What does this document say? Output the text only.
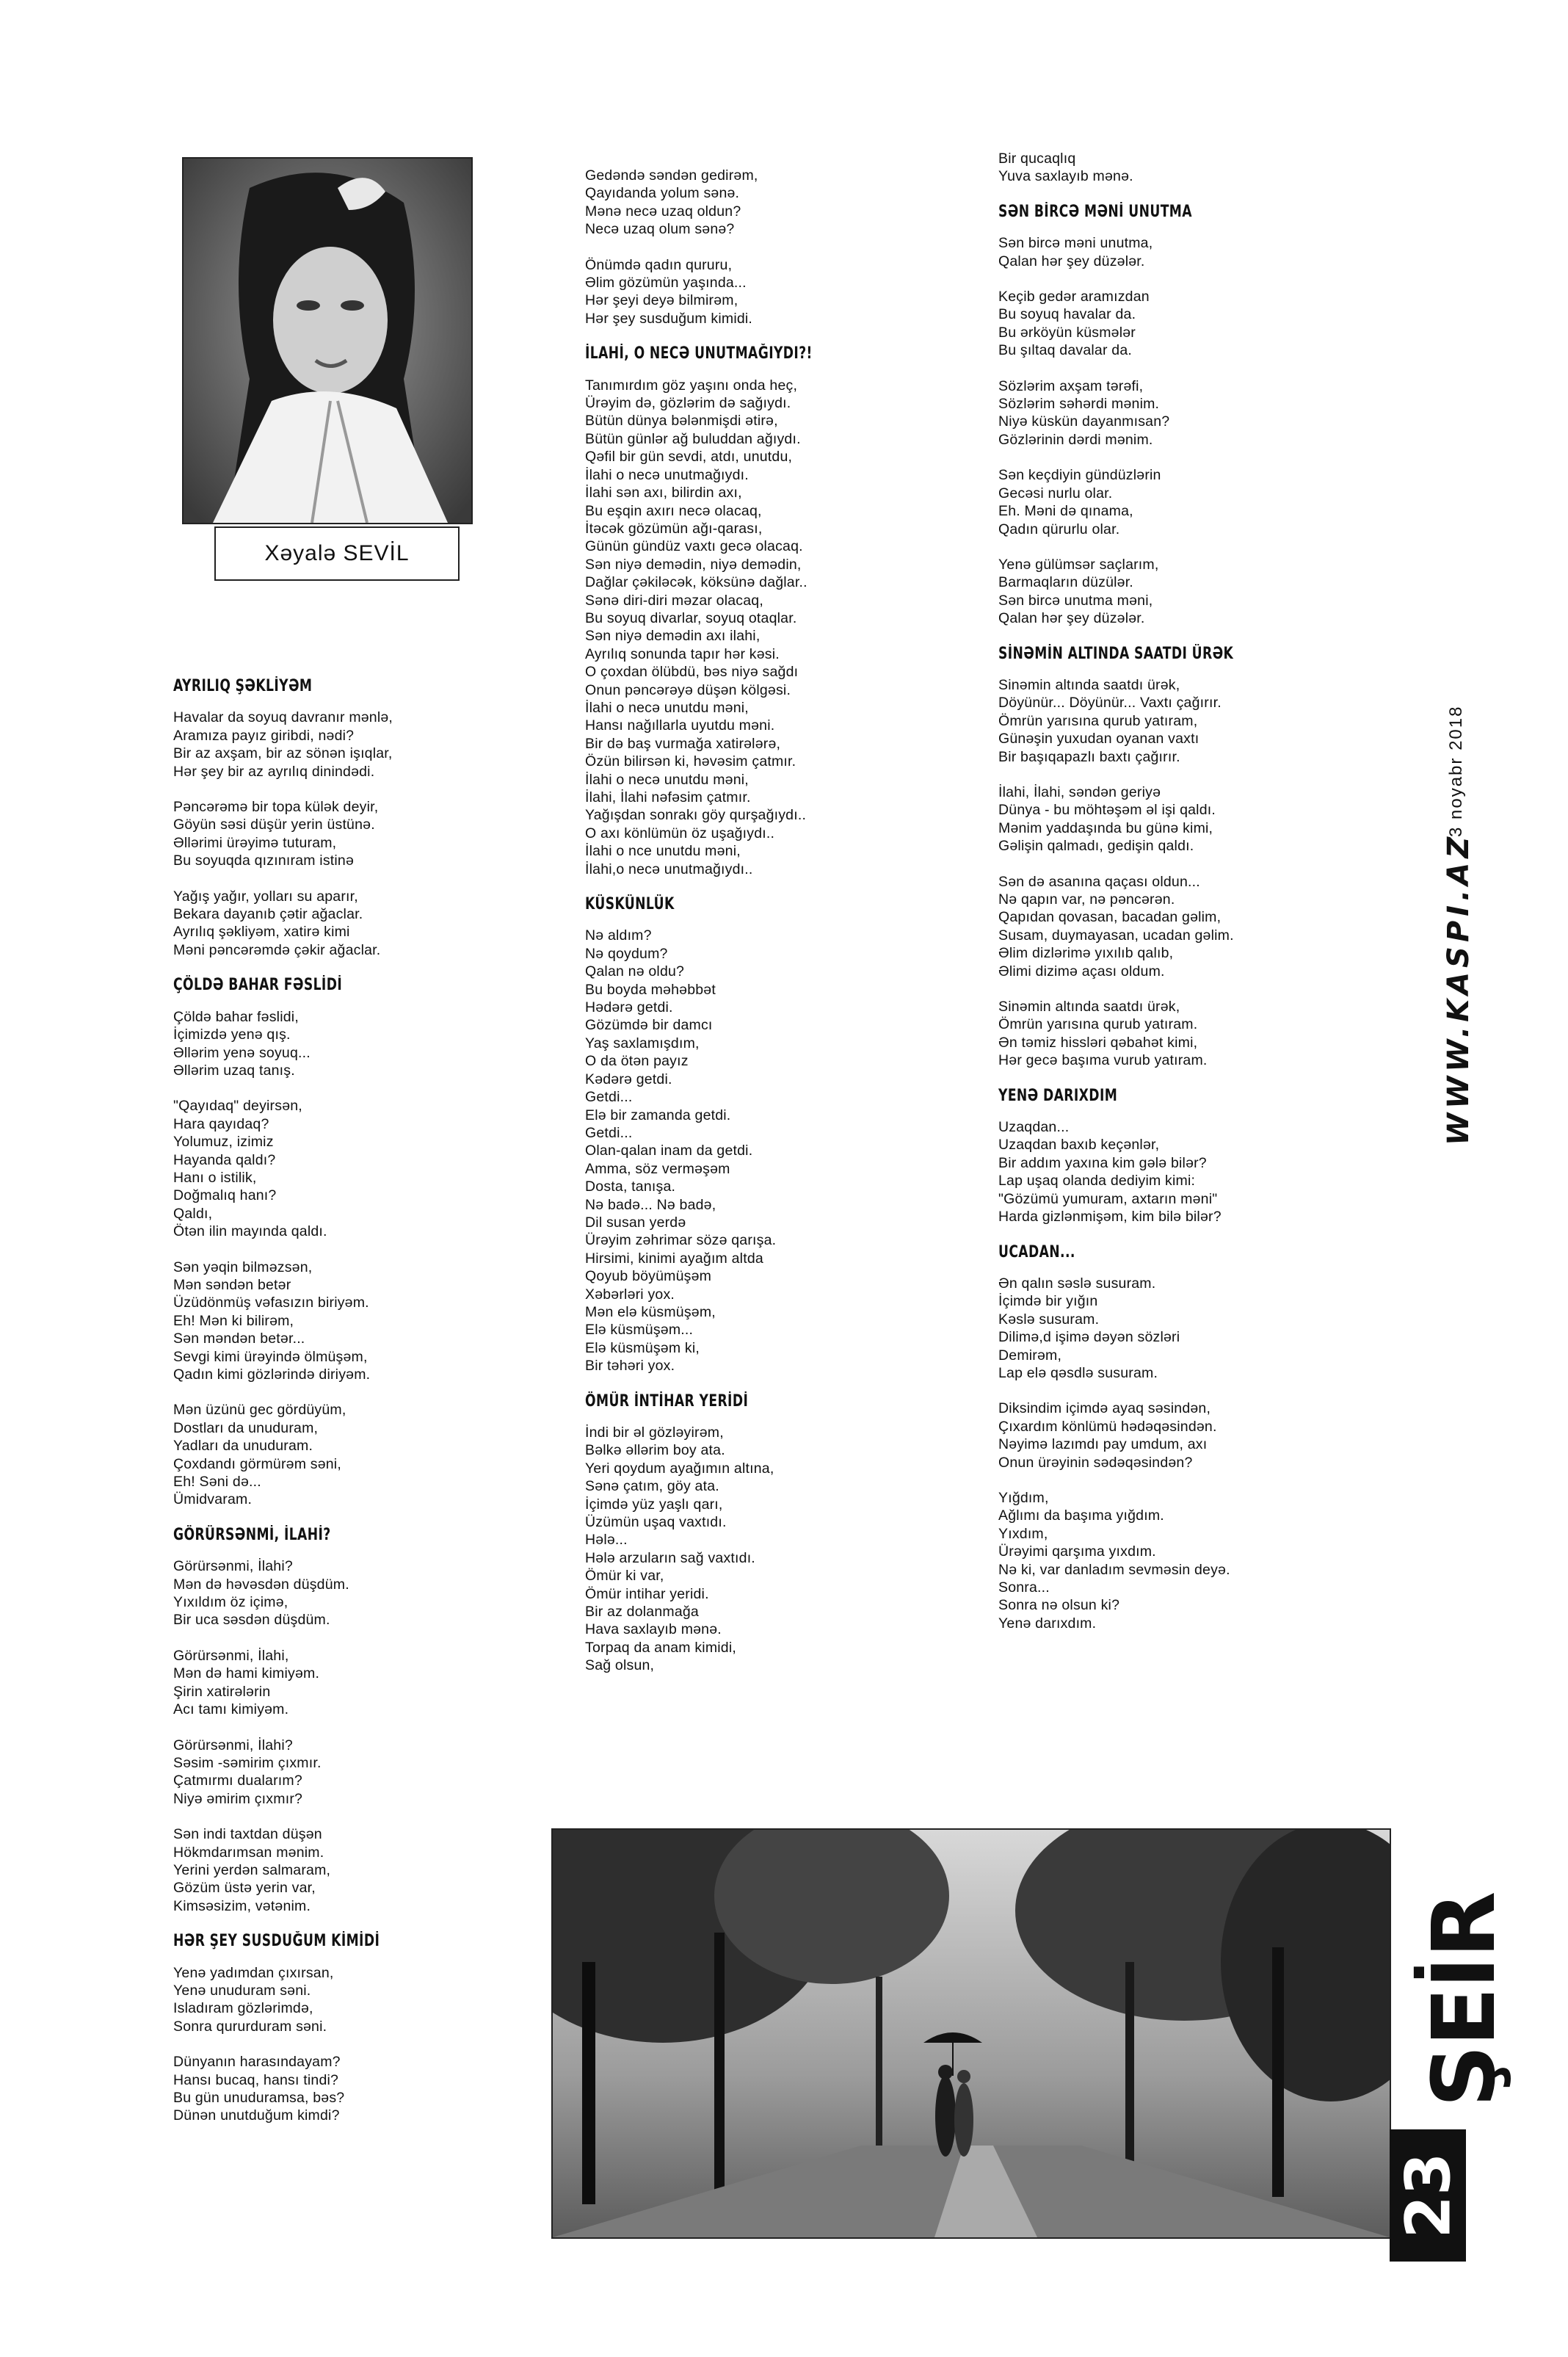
Xəyalə SEVİL
AYRILIQ ŞƏKLİYƏM

Havalar da soyuq davranır mənlə,

Aramıza payız giribdi, nədi?

Bir az axşam, bir az sönən işıqlar,

Hər şey bir az ayrılıq dinindədi.

Pəncərəmə bir topa külək deyir,

Göyün səsi düşür yerin üstünə.

Əllərimi ürəyimə tuturam,

Bu soyuqda qızınıram istinə

Yağış yağır, yolları su aparır,

Bekara dayanıb çətir ağaclar.

Ayrılıq şəkliyəm, xatirə kimi

Məni pəncərəmdə çəkir ağaclar.

ÇÖLDƏ BAHAR FƏSLİDİ

Çöldə bahar fəslidi,

İçimizdə yenə qış.

Əllərim yenə soyuq...

Əllərim uzaq tanış.

"Qayıdaq" deyirsən,

Hara qayıdaq?

Yolumuz, izimiz

Hayanda qaldı?

Hanı o istilik,

Doğmalıq hanı?

Qaldı,

Ötən ilin mayında qaldı.

Sən yəqin bilməzsən,

Mən səndən betər

Üzüdönmüş vəfasızın biriyəm.

Eh! Mən ki bilirəm,

Sən məndən betər...

Sevgi kimi ürəyində ölmüşəm,

Qadın kimi gözlərində diriyəm.

Mən üzünü gec gördüyüm,

Dostları da unuduram,

Yadları da unuduram.

Çoxdandı görmürəm səni,

Eh! Səni də...

Ümidvaram.

GÖRÜRSƏNMİ, İLAHİ?

Görürsənmi, İlahi?

Mən də həvəsdən düşdüm.

Yıxıldım öz içimə,

Bir uca səsdən düşdüm.

Görürsənmi, İlahi,

Mən də hami kimiyəm.

Şirin xatirələrin

Acı tamı kimiyəm.

Görürsənmi, İlahi?

Səsim -səmirim çıxmır.

Çatmırmı dualarım?

Niyə əmirim çıxmır?

Sən indi taxtdan düşən

Hökmdarımsan mənim.

Yerini yerdən salmaram,

Gözüm üstə yerin var,

Kimsəsizim, vətənim.

HƏR ŞEY SUSDUĞUM KİMİDİ

Yenə yadımdan çıxırsan,

Yenə unuduram səni.

Isladıram gözlərimdə,

Sonra qururduram səni.

Dünyanın harasındayam?

Hansı bucaq, hansı tindi?

Bu gün unuduramsa, bəs?

Dünən unutduğum kimdi?

Gedəndə səndən gedirəm,

Qayıdanda yolum sənə.

Mənə necə uzaq oldun?

Necə uzaq olum sənə?

Önümdə qadın qururu,

Əlim gözümün yaşında...

Hər şeyi deyə bilmirəm,

Hər şey susduğum kimidi.

İLAHİ, O NECƏ UNUTMAĞIYDI?!

Tanımırdım göz yaşını onda heç,

Ürəyim də, gözlərim də sağıydı.

Bütün dünya bələnmişdi ətirə,

Bütün günlər ağ buluddan ağıydı.

Qəfil bir gün sevdi, atdı, unutdu,

İlahi o necə unutmağıydı.

İlahi sən axı, bilirdin axı,

Bu eşqin axırı necə olacaq,

İtəcək gözümün ağı-qarası,

Günün gündüz vaxtı gecə olacaq.

Sən niyə demədin, niyə demədin,

Dağlar çəkiləcək, köksünə dağlar..

Sənə diri-diri məzar olacaq,

Bu soyuq divarlar, soyuq otaqlar.

Sən niyə demədin axı ilahi,

Ayrılıq sonunda tapır hər kəsi.

O çoxdan ölübdü, bəs niyə sağdı

Onun pəncərəyə düşən kölgəsi.

İlahi o necə unutdu məni,

Hansı nağıllarla uyutdu məni.

Bir də baş vurmağa xatirələrə,

Özün bilirsən ki, həvəsim çatmır.

İlahi o necə unutdu məni,

İlahi, İlahi nəfəsim çatmır.

Yağışdan sonrakı göy qurşağıydı..

O axı könlümün öz uşağıydı..

İlahi o nce unutdu məni,

İlahi,o necə unutmağıydı..

KÜSKÜNLÜK

Nə aldım?

Nə qoydum?

Qalan nə oldu?

Bu boyda məhəbbət

Hədərə getdi.

Gözümdə bir damcı

Yaş saxlamışdım,

O da ötən payız

Kədərə getdi.

Getdi...

Elə bir zamanda getdi.

Getdi...

Olan-qalan inam da getdi.

Amma, söz verməşəm

Dosta, tanışa.

Nə badə... Nə badə,

Dil susan yerdə

Ürəyim zəhrimar sözə qarışa.

Hirsimi, kinimi ayağım altda

Qoyub böyümüşəm

Xəbərləri yox.

Mən elə küsmüşəm,

Elə küsmüşəm...

Elə küsmüşəm ki,

Bir təhəri yox.

ÖMÜR İNTİHAR YERİDİ

İndi bir əl gözləyirəm,

Bəlkə əllərim boy ata.

Yeri qoydum ayağımın altına,

Sənə çatım, göy ata.

İçimdə yüz yaşlı qarı,

Üzümün uşaq vaxtıdı.

Hələ...

Hələ arzuların sağ vaxtıdı.

Ömür ki var,

Ömür intihar yeridi.

Bir az dolanmağa

Hava saxlayıb mənə.

Torpaq da anam kimidi,

Sağ olsun,

Bir qucaqlıq

Yuva saxlayıb mənə.

SƏN BİRCƏ MƏNİ UNUTMA

Sən bircə məni unutma,

Qalan hər şey düzələr.

Keçib gedər aramızdan

Bu soyuq havalar da.

Bu ərköyün küsmələr

Bu şıltaq davalar da.

Sözlərim axşam tərəfi,

Sözlərim səhərdi mənim.

Niyə küskün dayanmısan?

Gözlərinin dərdi mənim.

Sən keçdiyin gündüzlərin

Gecəsi nurlu olar.

Eh. Məni də qınama,

Qadın qürurlu olar.

Yenə gülümsər saçlarım,

Barmaqların düzülər.

Sən bircə unutma məni,

Qalan hər şey düzələr.

SİNƏMİN ALTINDA SAATDI ÜRƏK

Sinəmin altında saatdı ürək,

Döyünür... Döyünür... Vaxtı çağırır.

Ömrün yarısına qurub yatıram,

Günəşin yuxudan oyanan vaxtı

Bir başıqapazlı baxtı çağırır.

İlahi, İlahi, səndən geriyə

Dünya - bu möhtəşəm əl işi qaldı.

Mənim yaddaşında bu günə kimi,

Gəlişin qalmadı, gedişin qaldı.

Sən də asanına qaçası oldun...

Nə qapın var, nə pəncərən.

Qapıdan qovasan, bacadan gəlim,

Susam, duymayasan, ucadan gəlim.

Əlim dizlərimə yıxılıb qalıb,

Əlimi dizimə açası oldum.

Sinəmin altında saatdı ürək,

Ömrün yarısına qurub yatıram.

Ən təmiz hissləri qəbahət kimi,

Hər gecə başıma vurub yatıram.

YENƏ DARIXDIM

Uzaqdan...

Uzaqdan baxıb keçənlər,

Bir addım yaxına kim gələ bilər?

Lap uşaq olanda dediyim kimi:

"Gözümü yumuram, axtarın məni"

Harda gizlənmişəm, kim bilə bilər?

UCADAN...

Ən qalın səslə susuram.

İçimdə bir yığın

Kəslə susuram.

Dilimə,d işimə dəyən sözləri

Demirəm,

Lap elə qəsdlə susuram.

Diksindim içimdə ayaq səsindən,

Çıxardım könlümü hədəqəsindən.

Nəyimə lazımdı pay umdum, axı

Onun ürəyinin sədəqəsindən?

Yığdım,

Ağlımı da başıma yığdım.

Yıxdım,

Ürəyimi qarşıma yıxdım.

Nə ki, var danladım sevməsin deyə.

Sonra...

Sonra nə olsun ki?

Yenə darıxdım.

3 noyabr 2018
WWW.KASPI.AZ
ŞEİR
23
